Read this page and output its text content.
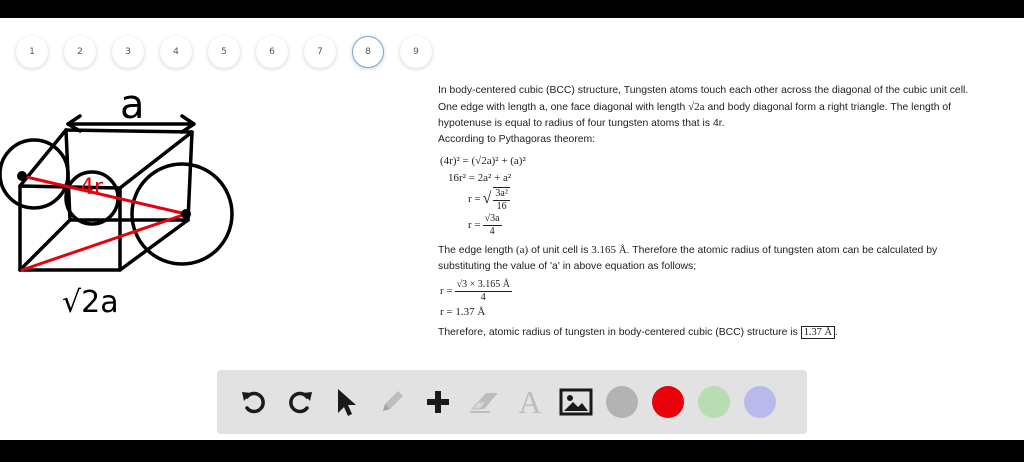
1	2	3	4	5	6	7	8	9
a
4r
√2a

In body-centered cubic (BCC) structure, Tungsten atoms touch each other across the diagonal of the cubic unit cell. One edge with length a, one face diagonal with length √2a and body diagonal form a right triangle. The length of hypotenuse is equal to radius of four tungsten atoms that is 4r.
According to Pythagoras theorem:

(4r)² = (√2a)² + (a)²
16r² = 2a² + a²
r = √ $\frac{\text{3a²}}{16}$
$r = \frac{√3a}{4}$

The edge length (a) of unit cell is 3.165 Å. Therefore the atomic radius of tungsten atom can be calculated by substituting the value of 'a' in above equation as follows;

$r = \frac{√3 \times 3.165 Å}{4}$
r = 1.37 Å

Therefore, atomic radius of tungsten in body-centered cubic (BCC) structure is 1.37 Å .

A
